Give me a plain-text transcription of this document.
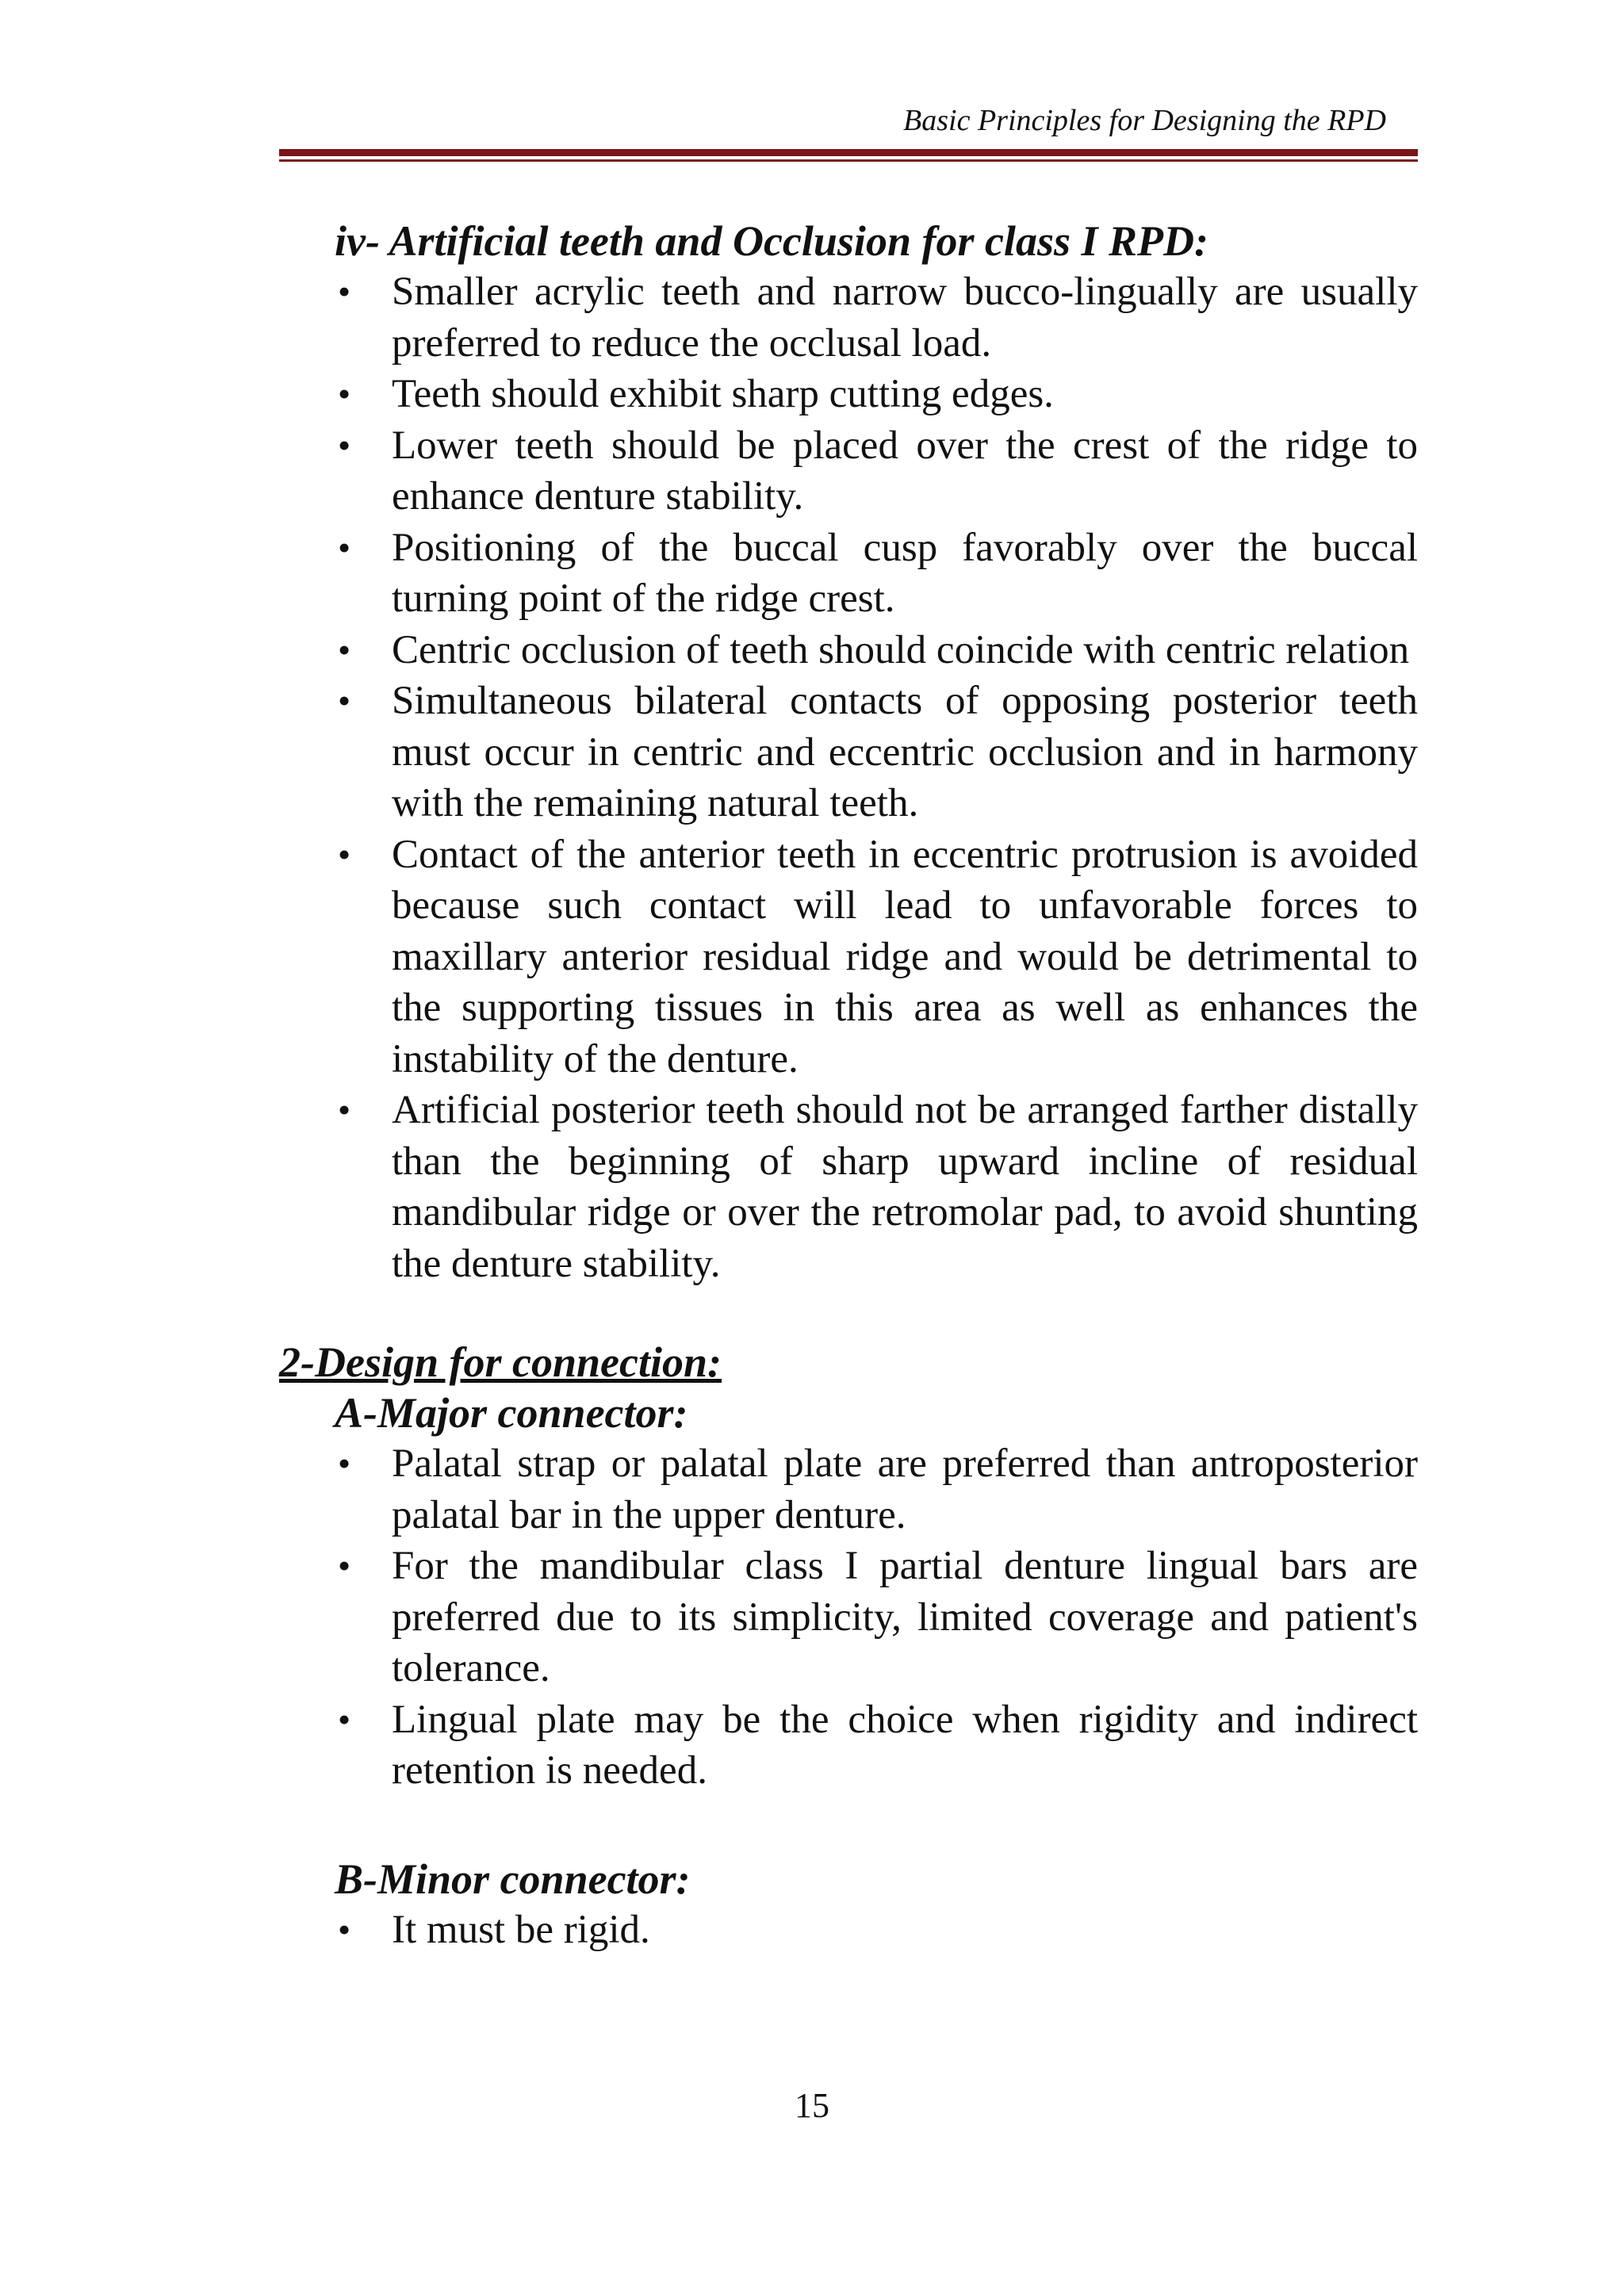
Basic Principles for Designing the RPD
iv- Artificial teeth and Occlusion for class I RPD:
• Smaller acrylic teeth and narrow bucco-lingually are usually preferred to reduce the occlusal load.
• Teeth should exhibit sharp cutting edges.
• Lower teeth should be placed over the crest of the ridge to enhance denture stability.
• Positioning of the buccal cusp favorably over the buccal turning point of the ridge crest.
• Centric occlusion of teeth should coincide with centric relation
• Simultaneous bilateral contacts of opposing posterior teeth must occur in centric and eccentric occlusion and in harmony with the remaining natural teeth.
• Contact of the anterior teeth in eccentric protrusion is avoided because such contact will lead to unfavorable forces to maxillary anterior residual ridge and would be detrimental to the supporting tissues in this area as well as enhances the instability of the denture.
• Artificial posterior teeth should not be arranged farther distally than the beginning of sharp upward incline of residual mandibular ridge or over the retromolar pad, to avoid shunting the denture stability.
2-Design for connection:
A-Major connector:
• Palatal strap or palatal plate are preferred than antroposterior palatal bar in the upper denture.
• For the mandibular class I partial denture lingual bars are preferred due to its simplicity, limited coverage and patient's tolerance.
• Lingual plate may be the choice when rigidity and indirect retention is needed.
B-Minor connector:
• It must be rigid.
15
